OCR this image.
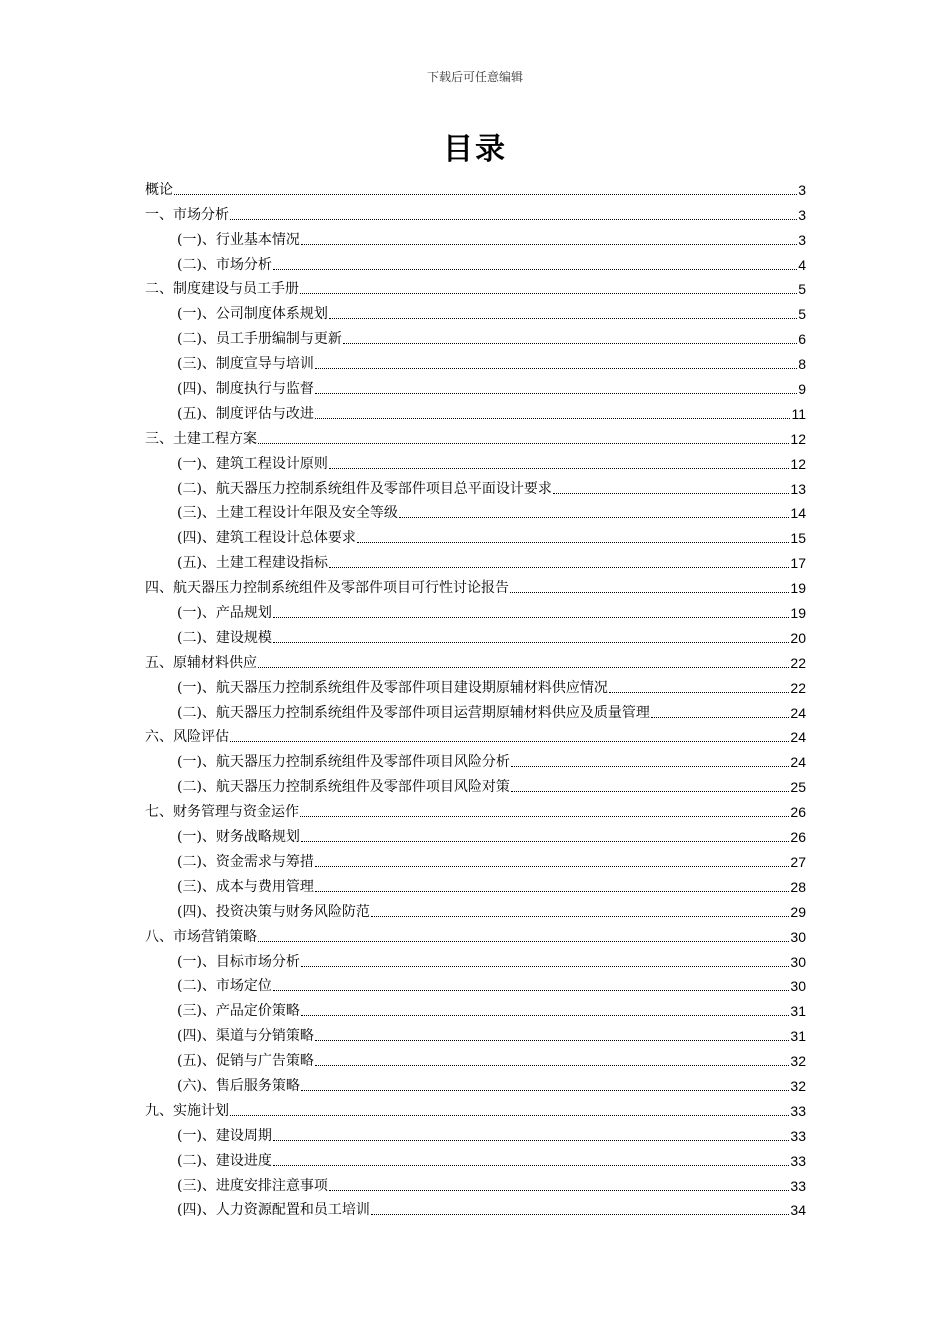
下载后可任意编辑
目录
概论	3
一、市场分析	3
(一)、行业基本情况	3
(二)、市场分析	4
二、制度建设与员工手册	5
(一)、公司制度体系规划	5
(二)、员工手册编制与更新	6
(三)、制度宣导与培训	8
(四)、制度执行与监督	9
(五)、制度评估与改进	11
三、土建工程方案	12
(一)、建筑工程设计原则	12
(二)、航天器压力控制系统组件及零部件项目总平面设计要求	13
(三)、土建工程设计年限及安全等级	14
(四)、建筑工程设计总体要求	15
(五)、土建工程建设指标	17
四、航天器压力控制系统组件及零部件项目可行性讨论报告	19
(一)、产品规划	19
(二)、建设规模	20
五、原辅材料供应	22
(一)、航天器压力控制系统组件及零部件项目建设期原辅材料供应情况	22
(二)、航天器压力控制系统组件及零部件项目运营期原辅材料供应及质量管理	24
六、风险评估	24
(一)、航天器压力控制系统组件及零部件项目风险分析	24
(二)、航天器压力控制系统组件及零部件项目风险对策	25
七、财务管理与资金运作	26
(一)、财务战略规划	26
(二)、资金需求与筹措	27
(三)、成本与费用管理	28
(四)、投资决策与财务风险防范	29
八、市场营销策略	30
(一)、目标市场分析	30
(二)、市场定位	30
(三)、产品定价策略	31
(四)、渠道与分销策略	31
(五)、促销与广告策略	32
(六)、售后服务策略	32
九、实施计划	33
(一)、建设周期	33
(二)、建设进度	33
(三)、进度安排注意事项	33
(四)、人力资源配置和员工培训	34
